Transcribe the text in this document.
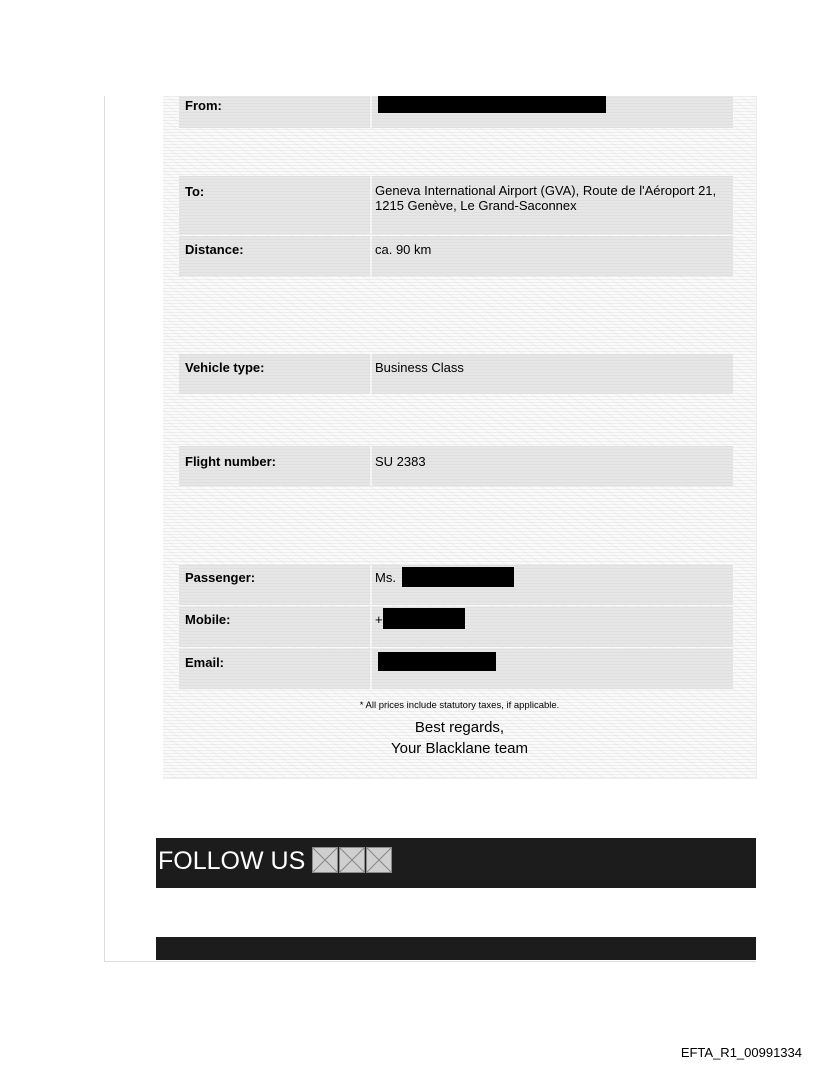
From:
To:	Geneva International Airport (GVA), Route de l'Aéroport 21, 1215 Genève, Le Grand-Saconnex
Distance:	ca. 90 km
Vehicle type:	Business Class
Flight number:	SU 2383
Passenger:	Ms.
Mobile:	+
Email:
* All prices include statutory taxes, if applicable.
Best regards,
Your Blacklane team
FOLLOW US
EFTA_R1_00991334
